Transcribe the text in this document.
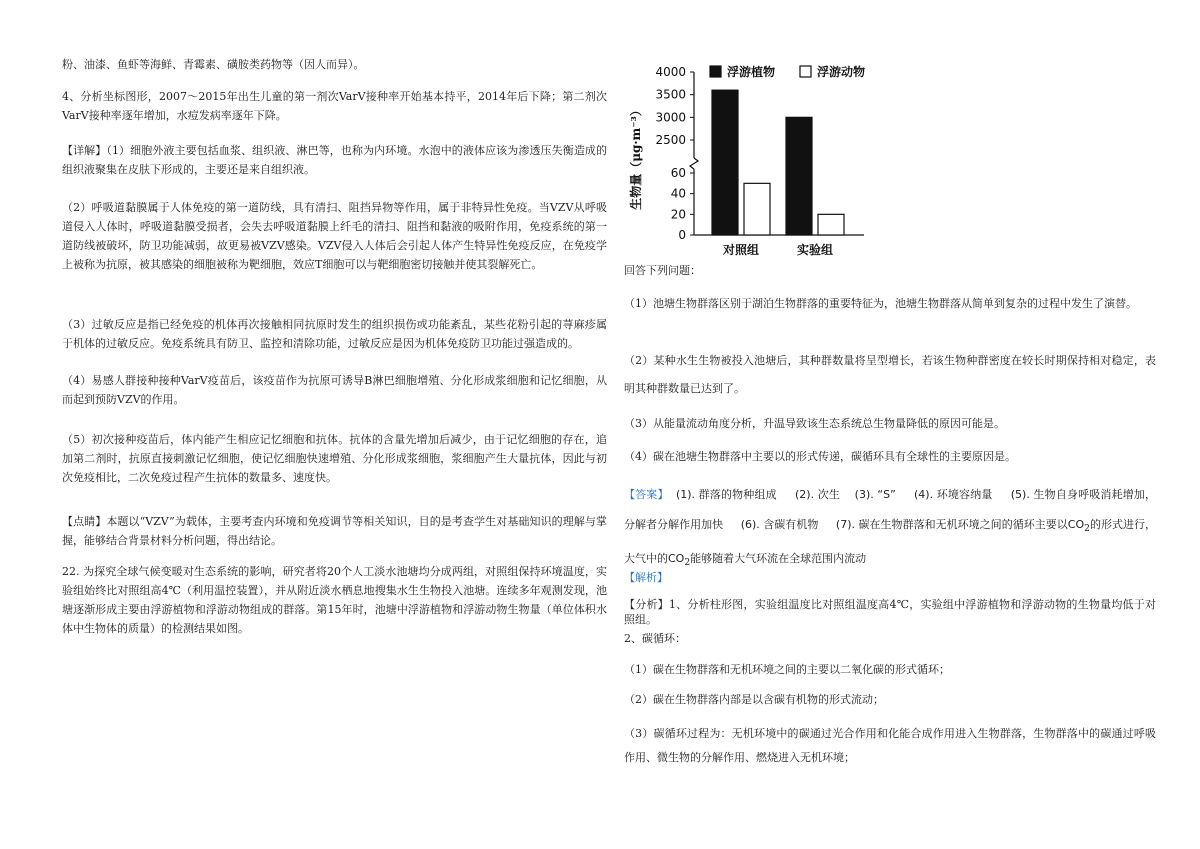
粉、油漆、鱼虾等海鲜、青霉素、磺胺类药物等（因人而异）。
4、分析坐标图形，2007～2015年出生儿童的第一剂次VarV接种率开始基本持平，2014年后下降；第二剂次VarV接种率逐年增加，水痘发病率逐年下降。
【详解】（1）细胞外液主要包括血浆、组织液、淋巴等，也称为内环境。水泡中的液体应该为渗透压失衡造成的组织液聚集在皮肤下形成的，主要还是来自组织液。
（2）呼吸道黏膜属于人体免疫的第一道防线，具有清扫、阻挡异物等作用，属于非特异性免疫。当VZV从呼吸道侵入人体时，呼吸道黏膜受损者，会失去呼吸道黏膜上纤毛的清扫、阻挡和黏液的吸附作用，免疫系统的第一道防线被破坏，防卫功能减弱，故更易被VZV感染。VZV侵入人体后会引起人体产生特异性免疫反应，在免疫学上被称为抗原，被其感染的细胞被称为靶细胞，效应T细胞可以与靶细胞密切接触并使其裂解死亡。
（3）过敏反应是指已经免疫的机体再次接触相同抗原时发生的组织损伤或功能紊乱，某些花粉引起的荨麻疹属于机体的过敏反应。免疫系统具有防卫、监控和清除功能，过敏反应是因为机体免疫防卫功能过强造成的。
（4）易感人群接种接种VarV疫苗后，该疫苗作为抗原可诱导B淋巴细胞增殖、分化形成浆细胞和记忆细胞，从而起到预防VZV的作用。
（5）初次接种疫苗后，体内能产生相应记忆细胞和抗体。抗体的含量先增加后减少，由于记忆细胞的存在，追加第二剂时，抗原直接刺激记忆细胞，使记忆细胞快速增殖、分化形成浆细胞，浆细胞产生大量抗体，因此与初次免疫相比，二次免疫过程产生抗体的数量多、速度快。
【点睛】本题以“VZV”为载体，主要考查内环境和免疫调节等相关知识，目的是考查学生对基础知识的理解与掌握，能够结合背景材料分析问题，得出结论。
22. 为探究全球气候变暖对生态系统的影响，研究者将20个人工淡水池塘均分成两组，对照组保持环境温度，实验组始终比对照组高4℃（利用温控装置），并从附近淡水栖息地搜集水生生物投入池塘。连续多年观测发现，池塘逐渐形成主要由浮游植物和浮游动物组成的群落。第15年时，池塘中浮游植物和浮游动物生物量（单位体积水体中生物体的质量）的检测结果如图。
生物量（μg·m⁻³）
0
20
40
60
2500
3000
3500
4000	浮游植物	浮游动物
对照组	实验组
回答下列问题：
（1）池塘生物群落区别于湖泊生物群落的重要特征为，池塘生物群落从简单到复杂的过程中发生了演替。
（2）某种水生生物被投入池塘后，其种群数量将呈型增长，若该生物种群密度在较长时期保持相对稳定，表明其种群数量已达到了。
（3）从能量流动角度分析，升温导致该生态系统总生物量降低的原因可能是。
（4）碳在池塘生物群落中主要以的形式传递，碳循环具有全球性的主要原因是。
【答案】 (1). 群落的物种组成 (2). 次生 (3). “S” (4). 环境容纳量 (5). 生物自身呼吸消耗增加，分解者分解作用加快 (6). 含碳有机物 (7). 碳在生物群落和无机环境之间的循环主要以$CO_2$的形式进行，大气中的$CO_2$能够随着大气环流在全球范围内流动
【解析】
【分析】1、分析柱形图，实验组温度比对照组温度高4℃，实验组中浮游植物和浮游动物的生物量均低于对照组。
2、碳循环：
（1）碳在生物群落和无机环境之间的主要以二氧化碳的形式循环；
（2）碳在生物群落内部是以含碳有机物的形式流动；
（3）碳循环过程为：无机环境中的碳通过光合作用和化能合成作用进入生物群落，生物群落中的碳通过呼吸作用、微生物的分解作用、燃烧进入无机环境；
